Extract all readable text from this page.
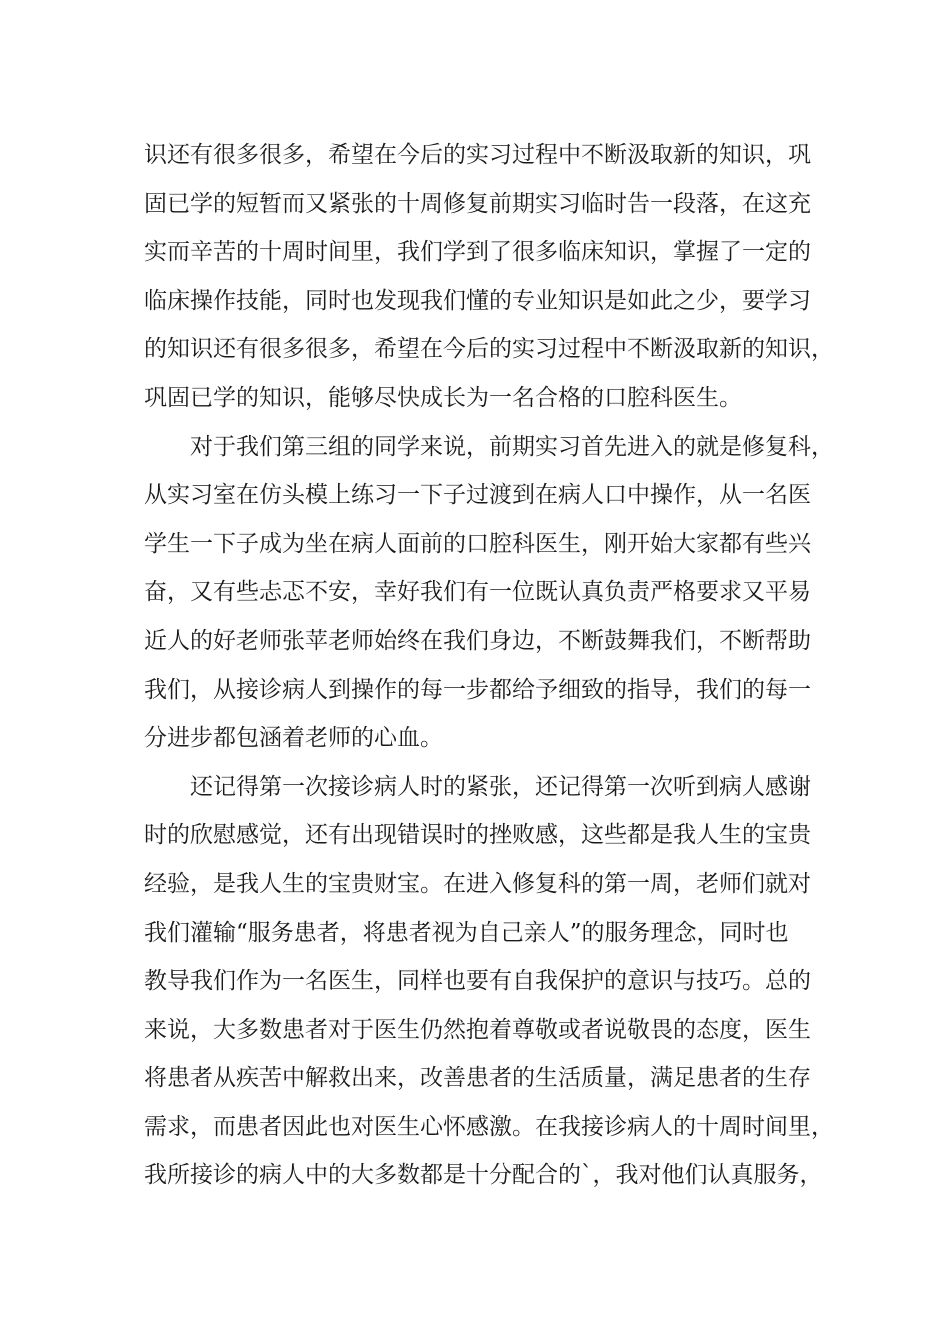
识还有很多很多，希望在今后的实习过程中不断汲取新的知识，巩
固已学的短暂而又紧张的十周修复前期实习临时告一段落，在这充
实而辛苦的十周时间里，我们学到了很多临床知识，掌握了一定的
临床操作技能，同时也发现我们懂的专业知识是如此之少，要学习
的知识还有很多很多，希望在今后的实习过程中不断汲取新的知识，
巩固已学的知识，能够尽快成长为一名合格的口腔科医生。
　　对于我们第三组的同学来说，前期实习首先进入的就是修复科，
从实习室在仿头模上练习一下子过渡到在病人口中操作，从一名医
学生一下子成为坐在病人面前的口腔科医生，刚开始大家都有些兴
奋，又有些忐忑不安，幸好我们有一位既认真负责严格要求又平易
近人的好老师张苹老师始终在我们身边，不断鼓舞我们，不断帮助
我们，从接诊病人到操作的每一步都给予细致的指导，我们的每一
分进步都包涵着老师的心血。
　　还记得第一次接诊病人时的紧张，还记得第一次听到病人感谢
时的欣慰感觉，还有出现错误时的挫败感，这些都是我人生的宝贵
经验，是我人生的宝贵财宝。在进入修复科的第一周，老师们就对
我们灌输“服务患者，将患者视为自己亲人”的服务理念，同时也
教导我们作为一名医生，同样也要有自我保护的意识与技巧。总的
来说，大多数患者对于医生仍然抱着尊敬或者说敬畏的态度，医生
将患者从疾苦中解救出来，改善患者的生活质量，满足患者的生存
需求，而患者因此也对医生心怀感激。在我接诊病人的十周时间里，
我所接诊的病人中的大多数都是十分配合的`，我对他们认真服务，
